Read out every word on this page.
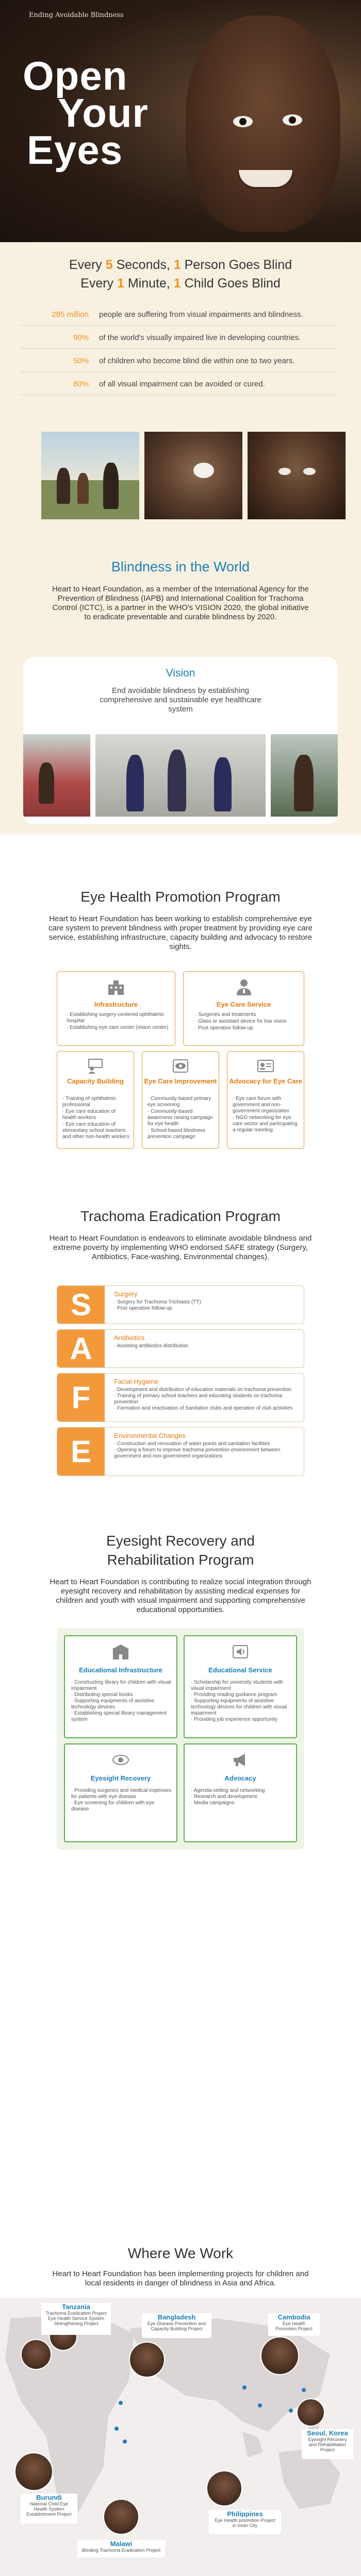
Ending Avoidable Blindness
Open
Your
Eyes
Every 5 Seconds, 1 Person Goes Blind
Every 1 Minute, 1 Child Goes Blind
285 million people are suffering from visual impairments and blindness.
90% of the world's visually impaired live in developing countries.
50% of children who become blind die within one to two years.
80% of all visual impairment can be avoided or cured.
Blindness in the World
Heart to Heart Foundation, as a member of the International Agency for the Prevention of Blindness (IAPB) and International Coalition for Trachoma Control (ICTC), is a partner in the WHO's VISION 2020, the global initiative to eradicate preventable and curable blindness by 2020.
Vision
End avoidable blindness by establishing comprehensive and sustainable eye healthcare system
Eye Health Promotion Program
Heart to Heart Foundation has been working to establish comprehensive eye care system to prevent blindness with proper treatment by providing eye care service, establishing infrastructure, capacity building and advocacy to restore sights.
Infrastructure
· Establishing surgery-centered ophthalmic hospital
· Establishing eye care center (vision center)
Eye Care Service
· Surgeries and treatments
· Glass or assistant device for low vision
· Post operative follow-up
Capacity Building
· Training of ophthalmic professional
· Eye care education of health workers
· Eye care education of elementary school teachers and other non-health workers
Eye Care Improvement
· Community-based primary eye screening
· Community-based awareness raising campaign for eye health
· School-based blindness prevention campaign
Advocacy for Eye Care
· Eye care forum with government and non-government organization
· NGO networking for eye care sector and participating a regular meeting
Trachoma Eradication Program
Heart to Heart Foundation is endeavors to eliminate avoidable blindness and extreme poverty by implementing WHO endorsed SAFE strategy (Surgery, Antibiotics, Face-washing, Environmental changes).
S	Surgery
· Surgery for Trachoma Trichiasis (TT)
· Post operative follow-up
A	Antibiotics
· Assisting antibiotics distribution
F	Facial Hygiene
· Development and distribution of education materials on trachoma prevention
· Training of primary school teachers and educating students on trachoma prevention
· Formation and reactivation of Sanitation clubs and operation of club activities
E	Environmental Changes
· Construction and renovation of water points and sanitation facilities
· Opening a forum to improve trachoma prevention environment between government and non-government organizations
Eyesight Recovery and
Rehabilitation Program
Heart to Heart Foundation is contributing to realize social integration through eyesight recovery and rehabilitation by assisting medical expenses for children and youth with visual impairment and supporting comprehensive educational opportunities.
Educational Infrastructure
· Constructing library for children with visual impairment
· Distributing special books
· Supporting equipments of assistive technology devices
· Establishing special library management system
Educational Service
· Scholarship for university students with visual impairment
· Providing reading guidance program
· Supporting equipments of assistive technology devices for children with visual impairment
· Providing job experience opportunity
Eyesight Recovery
· Providing surgeries and medical expenses for patients with eye disease
· Eye screening for children with eye disease
Advocacy
· Agenda-setting and networking
· Research and development
· Media campaigns
Where We Work
Heart to Heart Foundation has been implementing projects for children and local residents in danger of blindness in Asia and Africa.
Tanzania
Trachoma Eradication Project
Eye Health Service System
Strengthening Project
Bangladesh
Eye Disease Prevention and
Capacity Building Project
Cambodia
Eye Health
Promotion Project
Seoul, Korea
Eyesight Recovery
and Rehabilitation
Project
Burundi
National Child Eye
Health System
Establishment Project
Malawi
Blinding Trachoma Eradication Project
Philippines
Eye Health promotion Project
in Inner City
